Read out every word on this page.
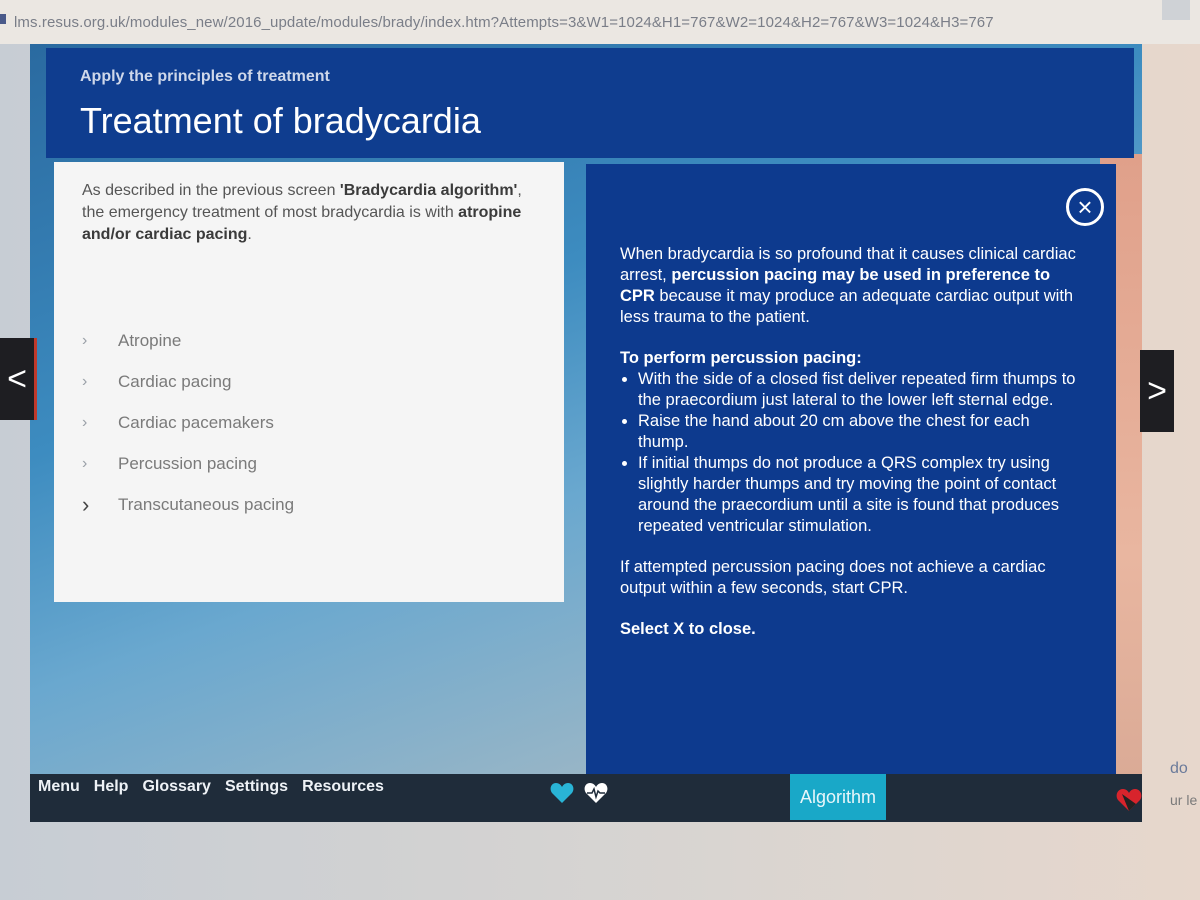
lms.resus.org.uk/modules_new/2016_update/modules/brady/index.htm?Attempts=3&W1=1024&H1=767&W2=1024&H2=767&W3=1024&H3=767
Apply the principles of treatment
Treatment of bradycardia
As described in the previous screen 'Bradycardia algorithm', the emergency treatment of most bradycardia is with atropine and/or cardiac pacing.
›	Atropine
›	Cardiac pacing
›	Cardiac pacemakers
›	Percussion pacing
›	Transcutaneous pacing
×

When bradycardia is so profound that it causes clinical cardiac arrest, percussion pacing may be used in preference to CPR because it may produce an adequate cardiac output with less trauma to the patient.

To perform percussion pacing:

• With the side of a closed fist deliver repeated firm thumps to the praecordium just lateral to the lower left sternal edge.
• Raise the hand about 20 cm above the chest for each thump.
• If initial thumps do not produce a QRS complex try using slightly harder thumps and try moving the point of contact around the praecordium until a site is found that produces repeated ventricular stimulation.

If attempted percussion pacing does not achieve a cardiac output within a few seconds, start CPR.

Select X to close.

<	>
Menu Help Glossary Settings Resources	Algorithm
do
ur le
